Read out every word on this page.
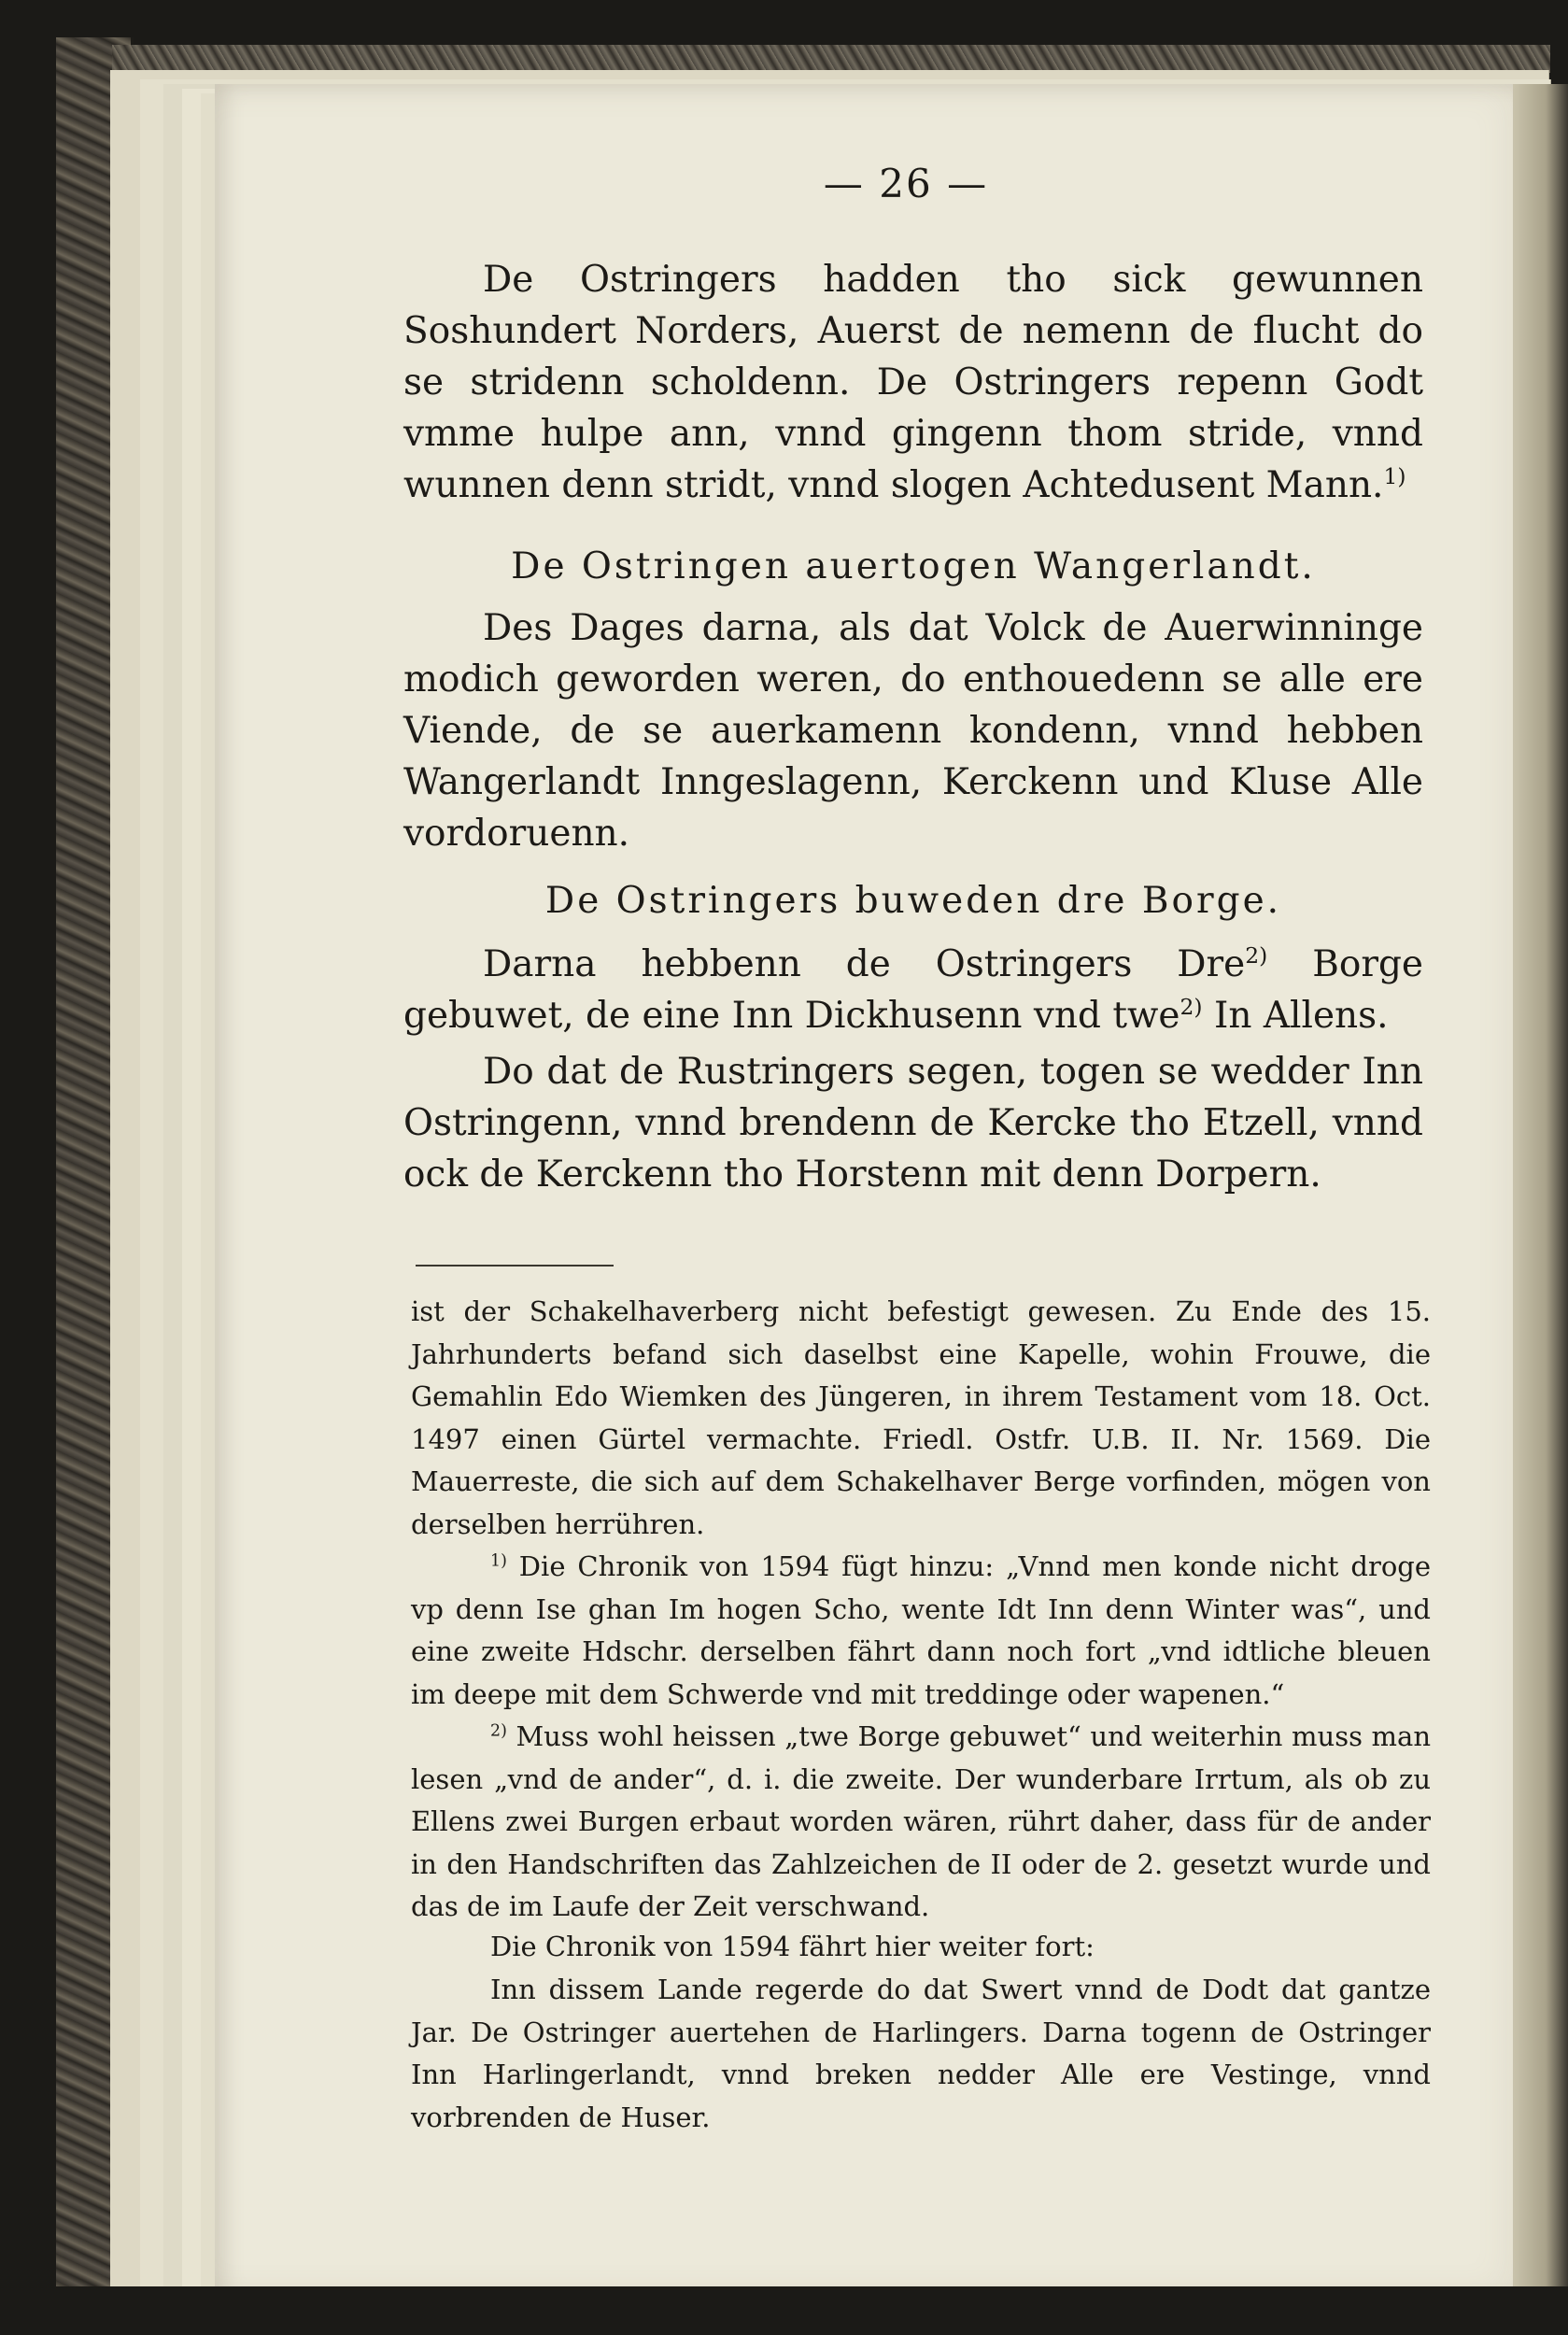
— 26 —

De Ostringers hadden tho sick gewunnen Soshundert Norders, Auerst de nemenn de flucht do se stridenn scholdenn. De Ostringers repenn Godt vmme hulpe ann, vnnd gingenn thom stride, vnnd wunnen denn stridt, vnnd slogen Achtedusent Mann.$^{1)}$

De Ostringen auertogen Wangerlandt.

Des Dages darna, als dat Volck de Auerwinninge modich geworden weren, do enthouedenn se alle ere Viende, de se auerkamenn kondenn, vnnd hebben Wangerlandt Inngeslagenn, Kerckenn und Kluse Alle vordoruenn.

De Ostringers buweden dre Borge.

Darna hebbenn de Ostringers Dre$^{2)}$ Borge gebuwet, de eine Inn Dickhusenn vnd twe$^{2)}$ In Allens.

Do dat de Rustringers segen, togen se wedder Inn Ostringenn, vnnd brendenn de Kercke tho Etzell, vnnd ock de Kerckenn tho Horstenn mit denn Dorpern.

ist der Schakelhaverberg nicht befestigt gewesen. Zu Ende des 15. Jahrhunderts befand sich daselbst eine Kapelle, wohin Frouwe, die Gemahlin Edo Wiemken des Jüngeren, in ihrem Testament vom 18. Oct. 1497 einen Gürtel vermachte. Friedl. Ostfr. U.B. II. Nr. 1569. Die Mauerreste, die sich auf dem Schakelhaver Berge vorfinden, mögen von derselben herrühren.

$^{1)}$ Die Chronik von 1594 fügt hinzu: „Vnnd men konde nicht droge vp denn Ise ghan Im hogen Scho, wente Idt Inn denn Winter was“, und eine zweite Hdschr. derselben fährt dann noch fort „vnd idtliche bleuen im deepe mit dem Schwerde vnd mit treddinge oder wapenen.“

$^{2)}$ Muss wohl heissen „twe Borge gebuwet“ und weiterhin muss man lesen „vnd de ander“, d. i. die zweite. Der wunderbare Irrtum, als ob zu Ellens zwei Burgen erbaut worden wären, rührt daher, dass für de ander in den Handschriften das Zahlzeichen de II oder de 2. gesetzt wurde und das de im Laufe der Zeit verschwand.

Die Chronik von 1594 fährt hier weiter fort:

Inn dissem Lande regerde do dat Swert vnnd de Dodt dat gantze Jar. De Ostringer auertehen de Harlingers. Darna togenn de Ostringer Inn Harlingerlandt, vnnd breken nedder Alle ere Vestinge, vnnd vorbrenden de Huser.
